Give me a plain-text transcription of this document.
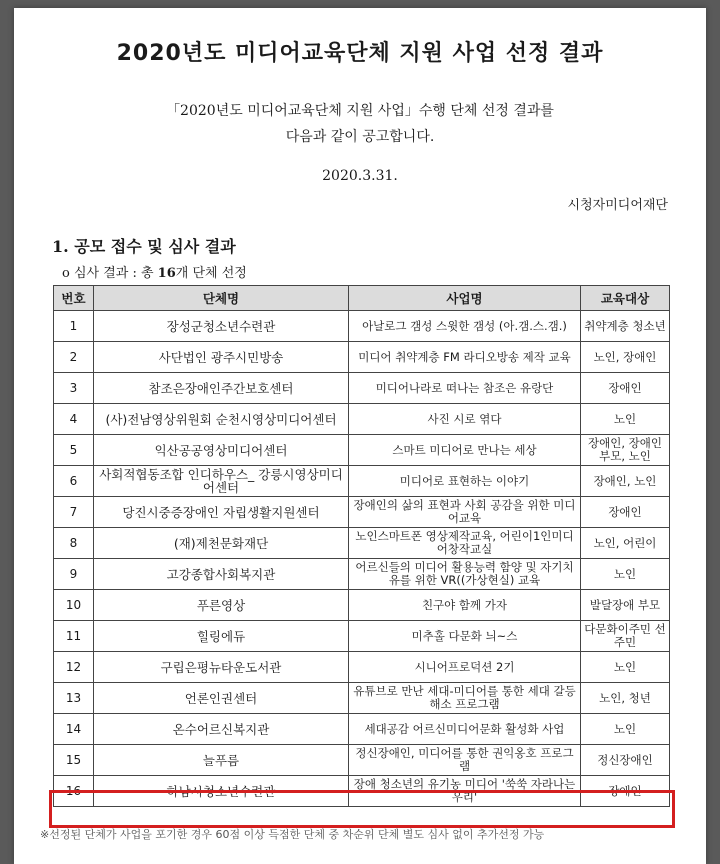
2020년도 미디어교육단체 지원 사업 선정 결과
「2020년도 미디어교육단체 지원 사업」수행 단체 선정 결과를
다음과 같이 공고합니다.
2020.3.31.
시청자미디어재단
1. 공모 접수 및 심사 결과
o 심사 결과 : 총 16개 단체 선정
번호	단체명	사업명	교육대상
1	장성군청소년수련관	아날로그 갬성 스윗한 갬성 (아.갬.스.갬.)	취약계층 청소년
2	사단법인 광주시민방송	미디어 취약계층 FM 라디오방송 제작 교육	노인, 장애인
3	참조은장애인주간보호센터	미디어나라로 떠나는 참조은 유랑단	장애인
4	(사)전남영상위원회 순천시영상미디어센터	사진 시로 엮다	노인
5	익산공공영상미디어센터	스마트 미디어로 만나는 세상	장애인, 장애인 부모, 노인
6	사회적협동조합 인디하우스_ 강릉시영상미디어센터	미디어로 표현하는 이야기	장애인, 노인
7	당진시중증장애인 자립생활지원센터	장애인의 삶의 표현과 사회 공감을 위한 미디어교육	장애인
8	(재)제천문화재단	노인스마트폰 영상제작교육, 어린이1인미디어창작교실	노인, 어린이
9	고강종합사회복지관	어르신들의 미디어 활용능력 함양 및 자기치유를 위한 VR((가상현실) 교육	노인
10	푸른영상	친구야 함께 가자	발달장애 부모
11	힐링에듀	미추홀 다문화 늬~스	다문화이주민 선주민
12	구립은평뉴타운도서관	시니어프로덕션 2기	노인
13	언론인권센터	유튜브로 만난 세대-미디어를 통한 세대 갈등 해소 프로그램	노인, 청년
14	온수어르신복지관	세대공감 어르신미디어문화 활성화 사업	노인
15	늘푸름	정신장애인, 미디어를 통한 권익옹호 프로그램	정신장애인
16	하남시청소년수련관	장애 청소년의 유기농 미디어 '쑥쑥 자라나는 우리'	장애인
※선정된 단체가 사업을 포기한 경우 60점 이상 득점한 단체 중 차순위 단체 별도 심사 없이 추가선정 가능
